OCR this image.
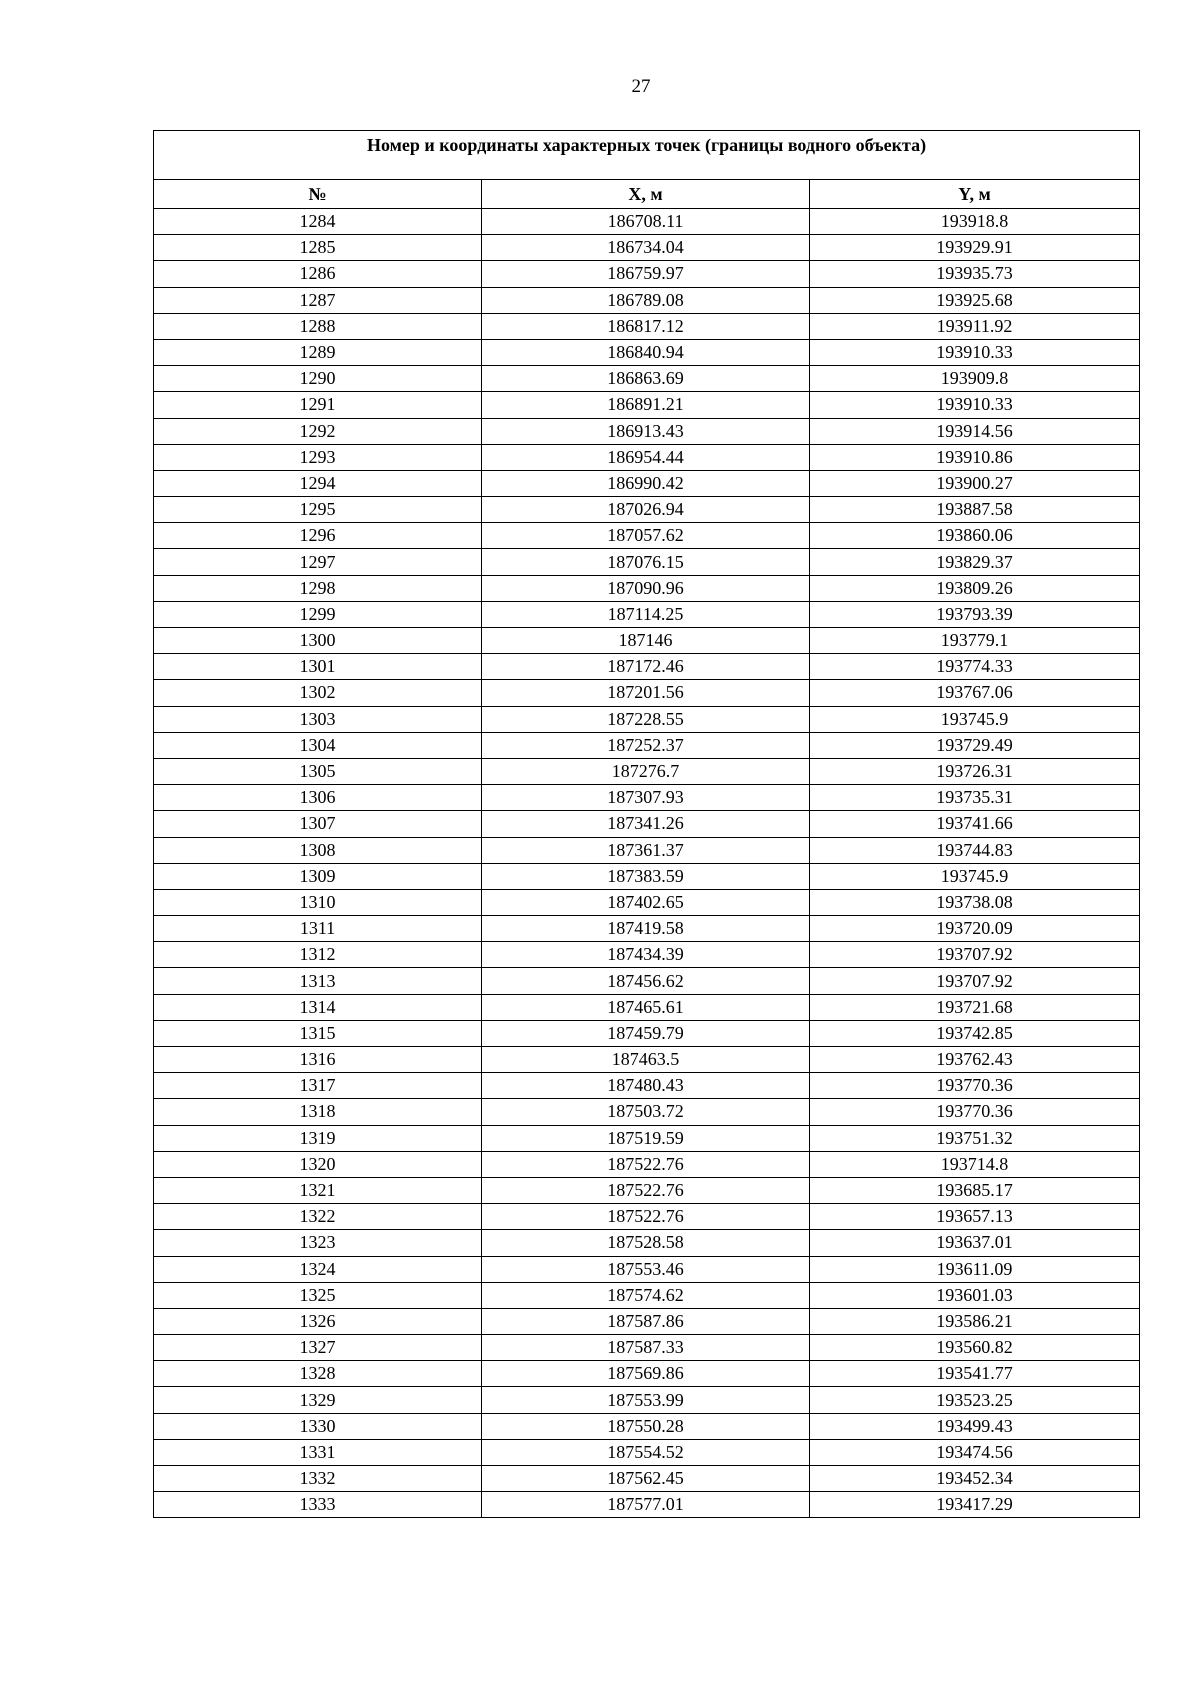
27
Номер и координаты характерных точек (границы водного объекта)		
№	X, м	Y, м
1284	186708.11	193918.8
1285	186734.04	193929.91
1286	186759.97	193935.73
1287	186789.08	193925.68
1288	186817.12	193911.92
1289	186840.94	193910.33
1290	186863.69	193909.8
1291	186891.21	193910.33
1292	186913.43	193914.56
1293	186954.44	193910.86
1294	186990.42	193900.27
1295	187026.94	193887.58
1296	187057.62	193860.06
1297	187076.15	193829.37
1298	187090.96	193809.26
1299	187114.25	193793.39
1300	187146	193779.1
1301	187172.46	193774.33
1302	187201.56	193767.06
1303	187228.55	193745.9
1304	187252.37	193729.49
1305	187276.7	193726.31
1306	187307.93	193735.31
1307	187341.26	193741.66
1308	187361.37	193744.83
1309	187383.59	193745.9
1310	187402.65	193738.08
1311	187419.58	193720.09
1312	187434.39	193707.92
1313	187456.62	193707.92
1314	187465.61	193721.68
1315	187459.79	193742.85
1316	187463.5	193762.43
1317	187480.43	193770.36
1318	187503.72	193770.36
1319	187519.59	193751.32
1320	187522.76	193714.8
1321	187522.76	193685.17
1322	187522.76	193657.13
1323	187528.58	193637.01
1324	187553.46	193611.09
1325	187574.62	193601.03
1326	187587.86	193586.21
1327	187587.33	193560.82
1328	187569.86	193541.77
1329	187553.99	193523.25
1330	187550.28	193499.43
1331	187554.52	193474.56
1332	187562.45	193452.34
1333	187577.01	193417.29
